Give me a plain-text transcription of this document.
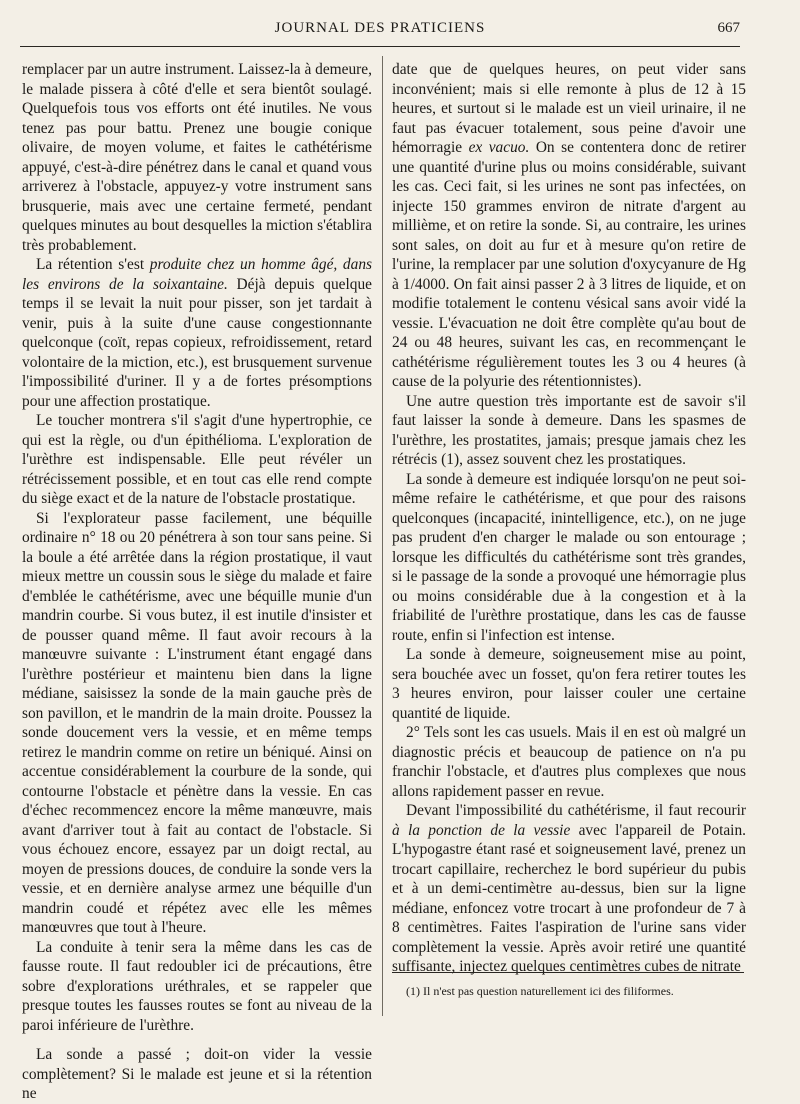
JOURNAL DES PRATICIENS	667

remplacer par un autre instrument. Laissez-la à demeure, le malade pissera à côté d'elle et sera bientôt soulagé. Quelquefois tous vos efforts ont été inutiles. Ne vous tenez pas pour battu. Prenez une bougie conique olivaire, de moyen volume, et faites le cathétérisme appuyé, c'est-à-dire pénétrez dans le canal et quand vous arriverez à l'obstacle, appuyez-y votre instrument sans brusquerie, mais avec une certaine fermeté, pendant quelques minutes au bout desquelles la miction s'établira très probablement.

La rétention s'est produite chez un homme âgé, dans les environs de la soixantaine. Déjà depuis quelque temps il se levait la nuit pour pisser, son jet tardait à venir, puis à la suite d'une cause congestionnante quelconque (coït, repas copieux, refroidissement, retard volontaire de la miction, etc.), est brusquement survenue l'impossibilité d'uriner. Il y a de fortes présomptions pour une affection prostatique.

Le toucher montrera s'il s'agit d'une hypertrophie, ce qui est la règle, ou d'un épithélioma. L'exploration de l'urèthre est indispensable. Elle peut révéler un rétrécissement possible, et en tout cas elle rend compte du siège exact et de la nature de l'obstacle prostatique.

Si l'explorateur passe facilement, une béquille ordinaire n° 18 ou 20 pénétrera à son tour sans peine. Si la boule a été arrêtée dans la région prostatique, il vaut mieux mettre un coussin sous le siège du malade et faire d'emblée le cathétérisme, avec une béquille munie d'un mandrin courbe. Si vous butez, il est inutile d'insister et de pousser quand même. Il faut avoir recours à la manœuvre suivante : L'instrument étant engagé dans l'urèthre postérieur et maintenu bien dans la ligne médiane, saisissez la sonde de la main gauche près de son pavillon, et le mandrin de la main droite. Poussez la sonde doucement vers la vessie, et en même temps retirez le mandrin comme on retire un béniqué. Ainsi on accentue considérablement la courbure de la sonde, qui contourne l'obstacle et pénètre dans la vessie. En cas d'échec recommencez encore la même manœuvre, mais avant d'arriver tout à fait au contact de l'obstacle. Si vous échouez encore, essayez par un doigt rectal, au moyen de pressions douces, de conduire la sonde vers la vessie, et en dernière analyse armez une béquille d'un mandrin coudé et répétez avec elle les mêmes manœuvres que tout à l'heure.

La conduite à tenir sera la même dans les cas de fausse route. Il faut redoubler ici de précautions, être sobre d'explorations uréthrales, et se rappeler que presque toutes les fausses routes se font au niveau de la paroi inférieure de l'urèthre.

La sonde a passé ; doit-on vider la vessie complètement? Si le malade est jeune et si la rétention ne

date que de quelques heures, on peut vider sans inconvénient; mais si elle remonte à plus de 12 à 15 heures, et surtout si le malade est un vieil urinaire, il ne faut pas évacuer totalement, sous peine d'avoir une hémorragie ex vacuo. On se contentera donc de retirer une quantité d'urine plus ou moins considérable, suivant les cas. Ceci fait, si les urines ne sont pas infectées, on injecte 150 grammes environ de nitrate d'argent au millième, et on retire la sonde. Si, au contraire, les urines sont sales, on doit au fur et à mesure qu'on retire de l'urine, la remplacer par une solution d'oxycyanure de Hg à 1/4000. On fait ainsi passer 2 à 3 litres de liquide, et on modifie totalement le contenu vésical sans avoir vidé la vessie. L'évacuation ne doit être complète qu'au bout de 24 ou 48 heures, suivant les cas, en recommençant le cathétérisme régulièrement toutes les 3 ou 4 heures (à cause de la polyurie des rétentionnistes).

Une autre question très importante est de savoir s'il faut laisser la sonde à demeure. Dans les spasmes de l'urèthre, les prostatites, jamais; presque jamais chez les rétrécis (1), assez souvent chez les prostatiques.

La sonde à demeure est indiquée lorsqu'on ne peut soi-même refaire le cathétérisme, et que pour des raisons quelconques (incapacité, inintelligence, etc.), on ne juge pas prudent d'en charger le malade ou son entourage ; lorsque les difficultés du cathétérisme sont très grandes, si le passage de la sonde a provoqué une hémorragie plus ou moins considérable due à la congestion et à la friabilité de l'urèthre prostatique, dans les cas de fausse route, enfin si l'infection est intense.

La sonde à demeure, soigneusement mise au point, sera bouchée avec un fosset, qu'on fera retirer toutes les 3 heures environ, pour laisser couler une certaine quantité de liquide.

2° Tels sont les cas usuels. Mais il en est où malgré un diagnostic précis et beaucoup de patience on n'a pu franchir l'obstacle, et d'autres plus complexes que nous allons rapidement passer en revue.

Devant l'impossibilité du cathétérisme, il faut recourir à la ponction de la vessie avec l'appareil de Potain. L'hypogastre étant rasé et soigneusement lavé, prenez un trocart capillaire, recherchez le bord supérieur du pubis et à un demi-centimètre au-dessus, bien sur la ligne médiane, enfoncez votre trocart à une profondeur de 7 à 8 centimètres. Faites l'aspiration de l'urine sans vider complètement la vessie. Après avoir retiré une quantité suffisante, injectez quelques centimètres cubes de nitrate

(1) Il n'est pas question naturellement ici des filiformes.
